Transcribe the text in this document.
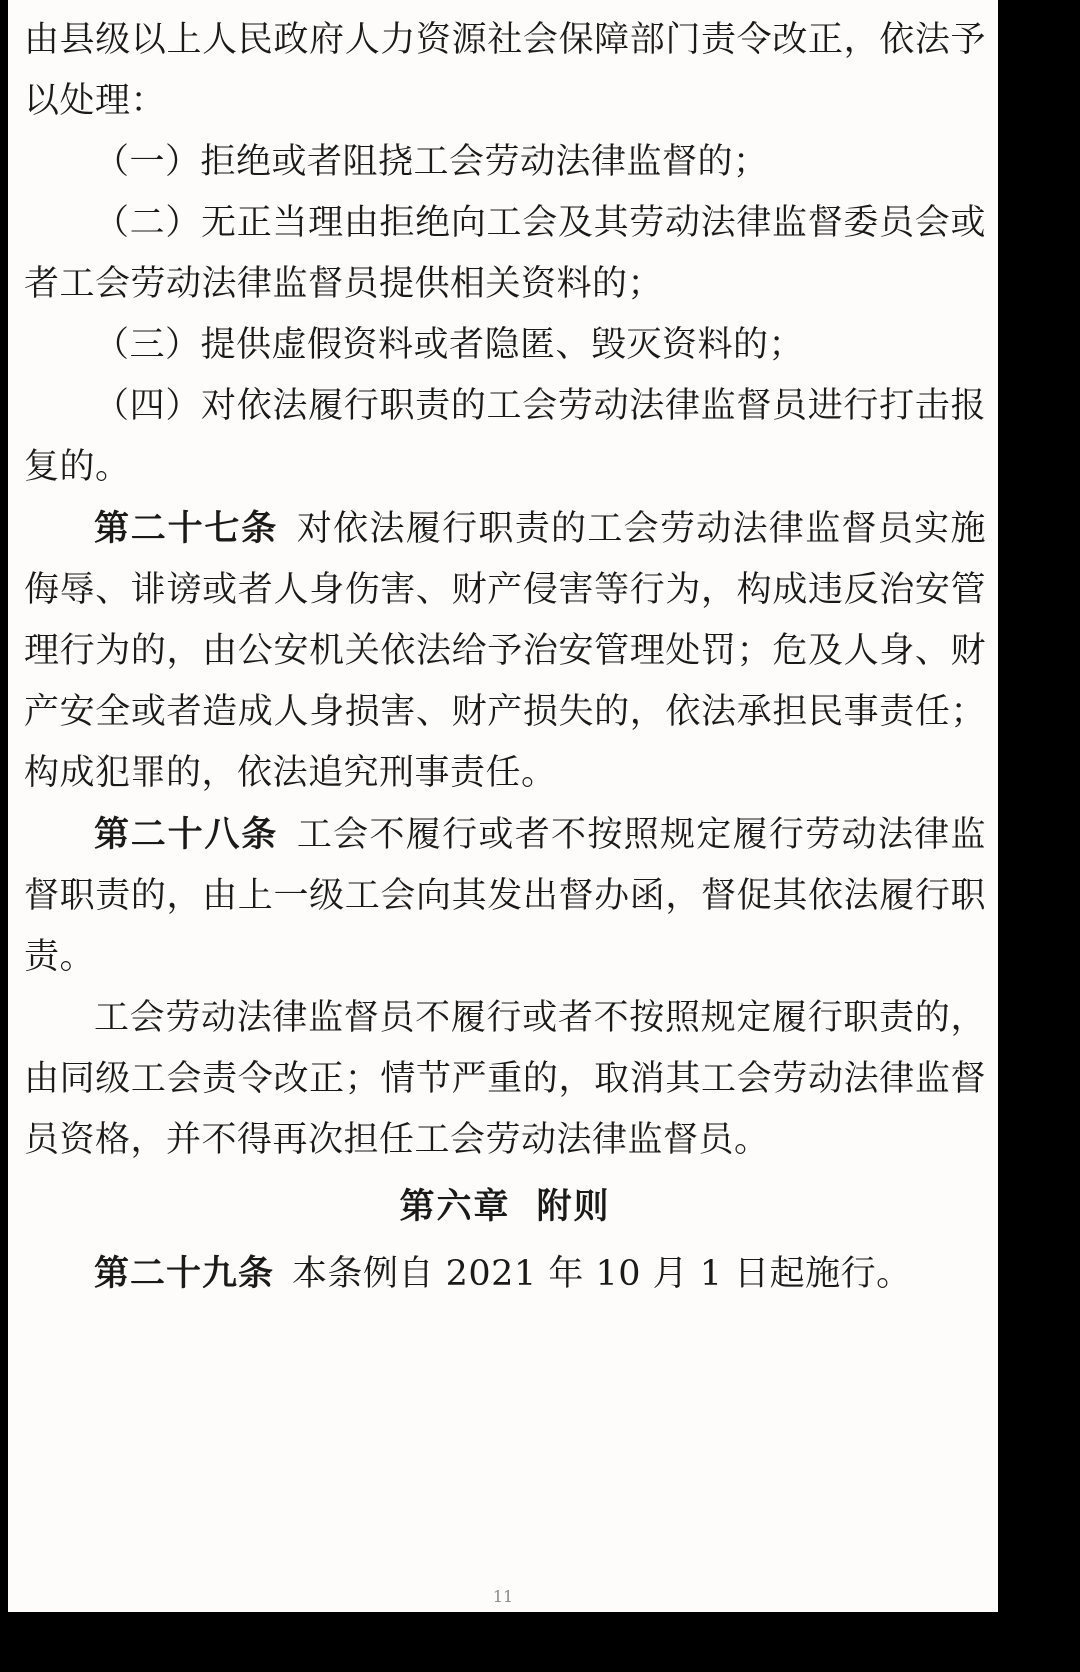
由县级以上人民政府人力资源社会保障部门责令改正，依法予以处理：

（一）拒绝或者阻挠工会劳动法律监督的；

（二）无正当理由拒绝向工会及其劳动法律监督委员会或者工会劳动法律监督员提供相关资料的；

（三）提供虚假资料或者隐匿、毁灭资料的；

（四）对依法履行职责的工会劳动法律监督员进行打击报复的。

第二十七条 对依法履行职责的工会劳动法律监督员实施侮辱、诽谤或者人身伤害、财产侵害等行为，构成违反治安管理行为的，由公安机关依法给予治安管理处罚；危及人身、财产安全或者造成人身损害、财产损失的，依法承担民事责任；构成犯罪的，依法追究刑事责任。

第二十八条 工会不履行或者不按照规定履行劳动法律监督职责的，由上一级工会向其发出督办函，督促其依法履行职责。

工会劳动法律监督员不履行或者不按照规定履行职责的，由同级工会责令改正；情节严重的，取消其工会劳动法律监督员资格，并不得再次担任工会劳动法律监督员。

第六章 附则

第二十九条 本条例自 2021 年 10 月 1 日起施行。

11
